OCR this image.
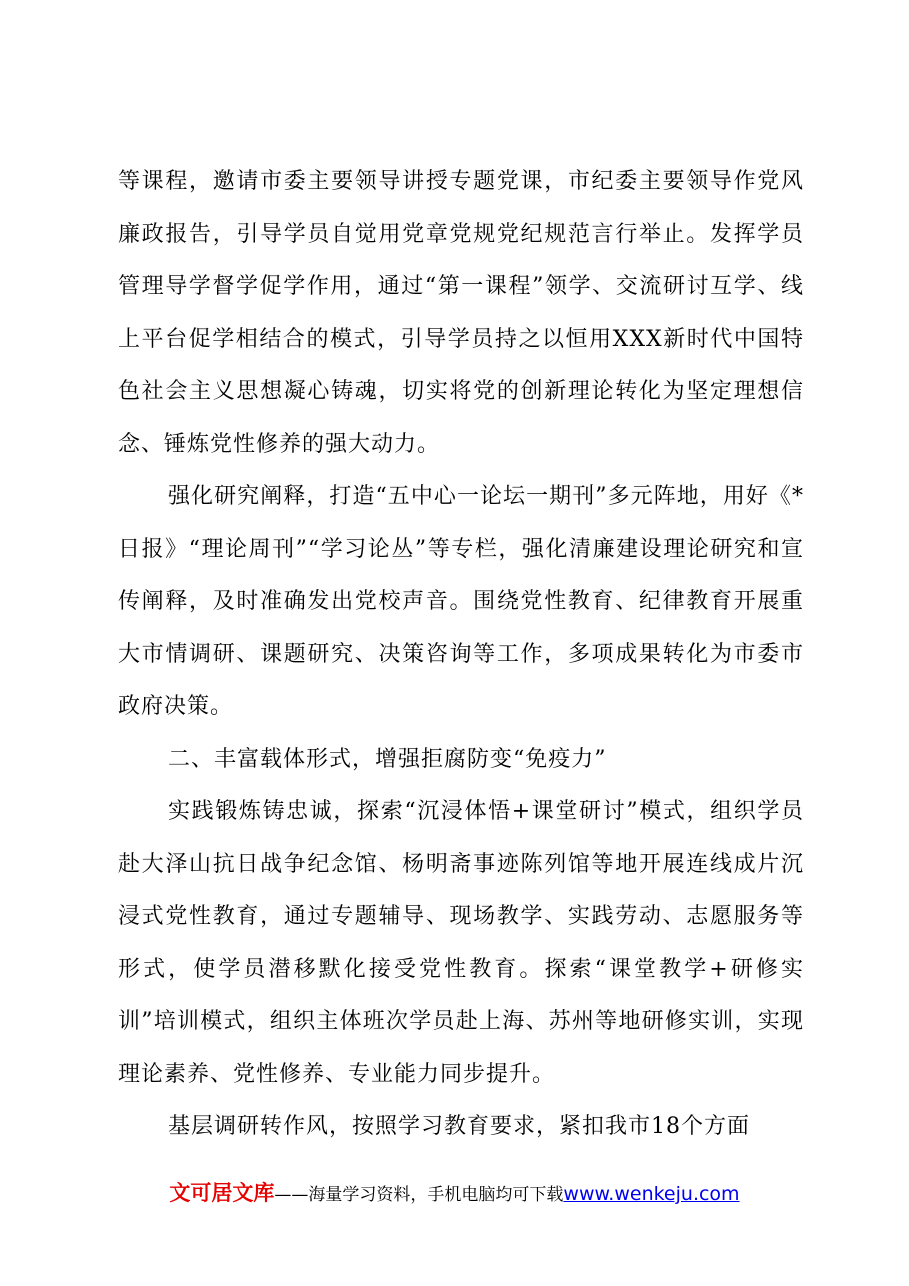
等课程，邀请市委主要领导讲授专题党课，市纪委主要领导作党风廉政报告，引导学员自觉用党章党规党纪规范言行举止。发挥学员管理导学督学促学作用，通过“第一课程”领学、交流研讨互学、线上平台促学相结合的模式，引导学员持之以恒用XXX新时代中国特色社会主义思想凝心铸魂，切实将党的创新理论转化为坚定理想信念、锤炼党性修养的强大动力。

强化研究阐释，打造“五中心一论坛一期刊”多元阵地，用好《*日报》“理论周刊”“学习论丛”等专栏，强化清廉建设理论研究和宣传阐释，及时准确发出党校声音。围绕党性教育、纪律教育开展重大市情调研、课题研究、决策咨询等工作，多项成果转化为市委市政府决策。

二、丰富载体形式，增强拒腐防变“免疫力”

实践锻炼铸忠诚，探索“沉浸体悟+课堂研讨”模式，组织学员赴大泽山抗日战争纪念馆、杨明斋事迹陈列馆等地开展连线成片沉浸式党性教育，通过专题辅导、现场教学、实践劳动、志愿服务等形式，使学员潜移默化接受党性教育。探索“课堂教学+研修实训”培训模式，组织主体班次学员赴上海、苏州等地研修实训，实现理论素养、党性修养、专业能力同步提升。

基层调研转作风，按照学习教育要求，紧扣我市18个方面

文可居文库——海量学习资料，手机电脑均可下载www.wenkeju.com
